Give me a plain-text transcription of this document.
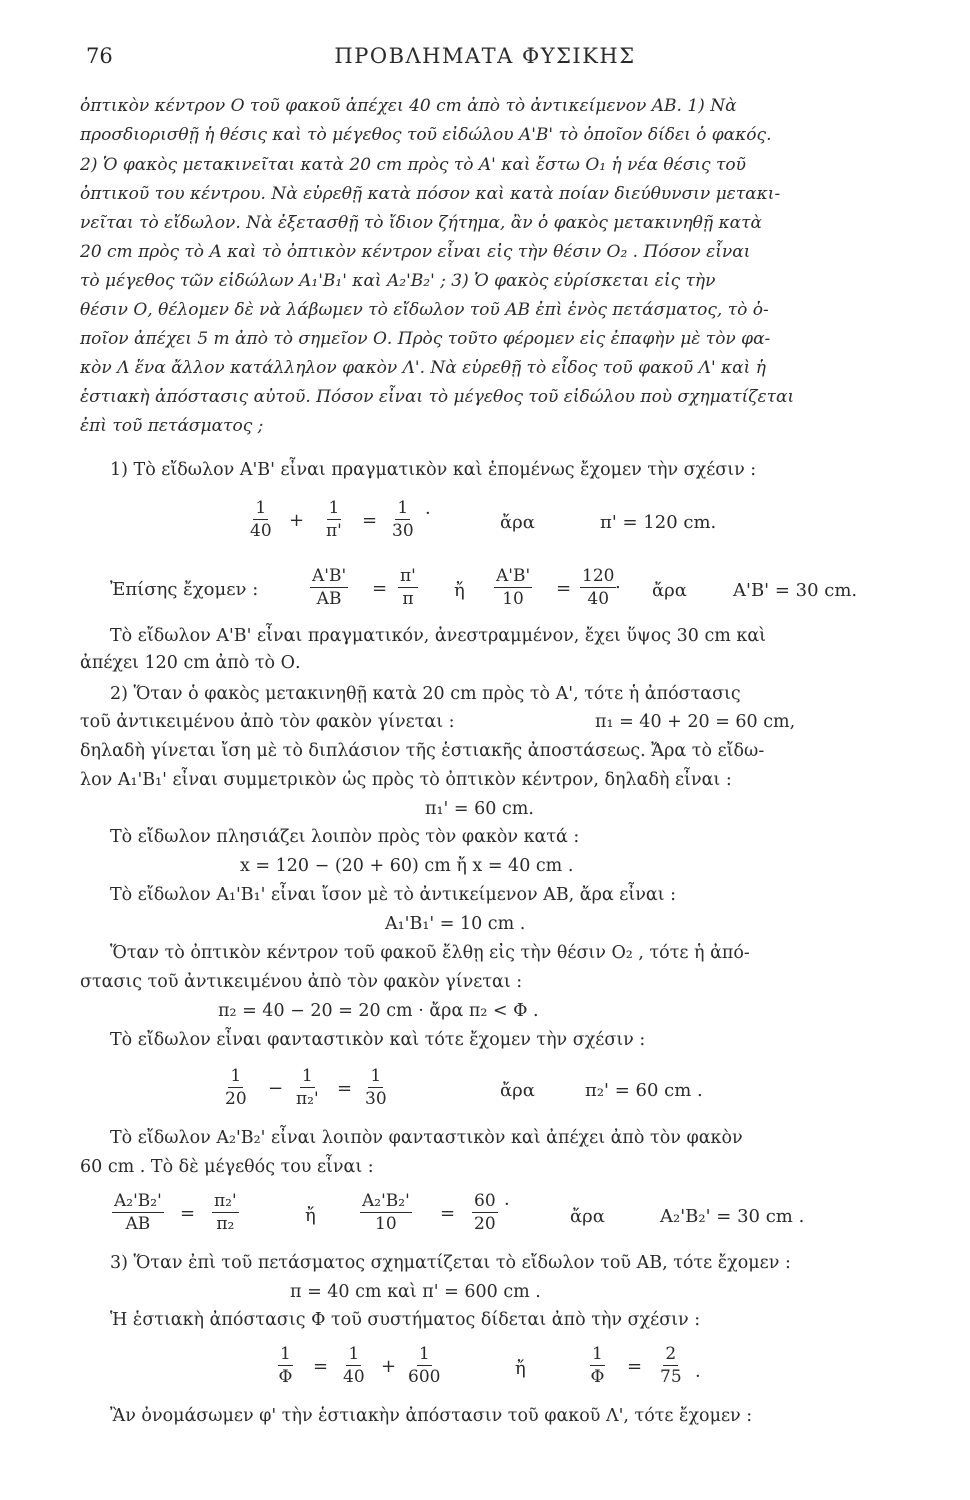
76	ΠΡΟΒΛΗΜΑΤΑ ΦΥΣΙΚΗΣ
ὀπτικὸν κέντρον Ο τοῦ φακοῦ ἀπέχει 40 cm ἀπὸ τὸ ἀντικείμενον ΑΒ. 1) Νὰ
προσδιορισθῇ ἡ θέσις καὶ τὸ μέγεθος τοῦ εἰδώλου Α'Β' τὸ ὁποῖον δίδει ὁ φακός.
2) Ὁ φακὸς μετακινεῖται κατὰ 20 cm πρὸς τὸ Α' καὶ ἔστω Ο₁ ἡ νέα θέσις τοῦ
ὀπτικοῦ του κέντρου. Νὰ εὑρεθῇ κατὰ πόσον καὶ κατὰ ποίαν διεύθυνσιν μετακι-
νεῖται τὸ εἴδωλον. Νὰ ἐξετασθῇ τὸ ἴδιον ζήτημα, ἂν ὁ φακὸς μετακινηθῇ κατὰ
20 cm πρὸς τὸ Α καὶ τὸ ὀπτικὸν κέντρον εἶναι εἰς τὴν θέσιν Ο₂ . Πόσον εἶναι
τὸ μέγεθος τῶν εἰδώλων Α₁'Β₁' καὶ Α₂'Β₂' ; 3) Ὁ φακὸς εὑρίσκεται εἰς τὴν
θέσιν Ο, θέλομεν δὲ νὰ λάβωμεν τὸ εἴδωλον τοῦ ΑΒ ἐπὶ ἑνὸς πετάσματος, τὸ ὁ-
ποῖον ἀπέχει 5 m ἀπὸ τὸ σημεῖον Ο. Πρὸς τοῦτο φέρομεν εἰς ἐπαφὴν μὲ τὸν φα-
κὸν Λ ἕνα ἄλλον κατάλληλον φακὸν Λ'. Νὰ εὑρεθῇ τὸ εἶδος τοῦ φακοῦ Λ' καὶ ἡ
ἑστιακὴ ἀπόστασις αὐτοῦ. Πόσον εἶναι τὸ μέγεθος τοῦ εἰδώλου ποὺ σχηματίζεται
ἐπὶ τοῦ πετάσματος ;
1) Τὸ εἴδωλον Α'Β' εἶναι πραγματικὸν καὶ ἑπομένως ἔχομεν τὴν σχέσιν :
$\frac{1}{40} + \frac{1}{\pi'} = \frac{1}{30}$ ·	ἄρα	π' = 120 cm.
Ἐπίσης ἔχομεν :	$\frac{A'B'}{AB} = \frac{\pi'}{\pi}$ ἤ $\frac{A'B'}{10} = \frac{120}{40}$
. ἄρα	Α'Β' = 30 cm.
Τὸ εἴδωλον Α'Β' εἶναι πραγματικόν, ἀνεστραμμένον, ἔχει ὕψος 30 cm καὶ
ἀπέχει 120 cm ἀπὸ τὸ Ο.
2) Ὅταν ὁ φακὸς μετακινηθῇ κατὰ 20 cm πρὸς τὸ Α', τότε ἡ ἀπόστασις
τοῦ ἀντικειμένου ἀπὸ τὸν φακὸν γίνεται :	π₁ = 40 + 20 = 60 cm,
δηλαδὴ γίνεται ἴση μὲ τὸ διπλάσιον τῆς ἑστιακῆς ἀποστάσεως. Ἄρα τὸ εἴδω-
λον Α₁'Β₁' εἶναι συμμετρικὸν ὡς πρὸς τὸ ὀπτικὸν κέντρον, δηλαδὴ εἶναι :
π₁' = 60 cm.
Τὸ εἴδωλον πλησιάζει λοιπὸν πρὸς τὸν φακὸν κατά :
x = 120 − (20 + 60) cm ἤ x = 40 cm .
Τὸ εἴδωλον Α₁'Β₁' εἶναι ἴσον μὲ τὸ ἀντικείμενον ΑΒ, ἄρα εἶναι :
Α₁'Β₁' = 10 cm .
Ὅταν τὸ ὀπτικὸν κέντρον τοῦ φακοῦ ἔλθῃ εἰς τὴν θέσιν Ο₂ , τότε ἡ ἀπό-
στασις τοῦ ἀντικειμένου ἀπὸ τὸν φακὸν γίνεται :
π₂ = 40 − 20 = 20 cm · ἄρα π₂ < Φ .
Τὸ εἴδωλον εἶναι φανταστικὸν καὶ τότε ἔχομεν τὴν σχέσιν :
$\frac{1}{20} - \frac{1}{\text{π₂'}} = \frac{1}{30}$	ἄρα	π₂' = 60 cm .
Τὸ εἴδωλον Α₂'Β₂' εἶναι λοιπὸν φανταστικὸν καὶ ἀπέχει ἀπὸ τὸν φακὸν
60 cm . Τὸ δὲ μέγεθός του εἶναι :
$\frac{\text{Α₂'Β₂'}}{AB} = \frac{\text{π₂'}}{\text{π₂}}$	ἤ	$\frac{\text{Α₂'Β₂'}}{10} = \frac{60}{20}$ ·
ἄρα	Α₂'Β₂' = 30 cm .
3) Ὅταν ἐπὶ τοῦ πετάσματος σχηματίζεται τὸ εἴδωλον τοῦ ΑΒ, τότε ἔχομεν :
π = 40 cm καὶ π' = 600 cm .
Ἡ ἑστιακὴ ἀπόστασις Φ τοῦ συστήματος δίδεται ἀπὸ τὴν σχέσιν :
$\frac{1}{\Phi} = \frac{1}{40} + \frac{1}{600}$	ἤ	$\frac{1}{\Phi} = \frac{2}{75}$ ·
Ἂν ὀνομάσωμεν φ' τὴν ἑστιακὴν ἀπόστασιν τοῦ φακοῦ Λ', τότε ἔχομεν :
